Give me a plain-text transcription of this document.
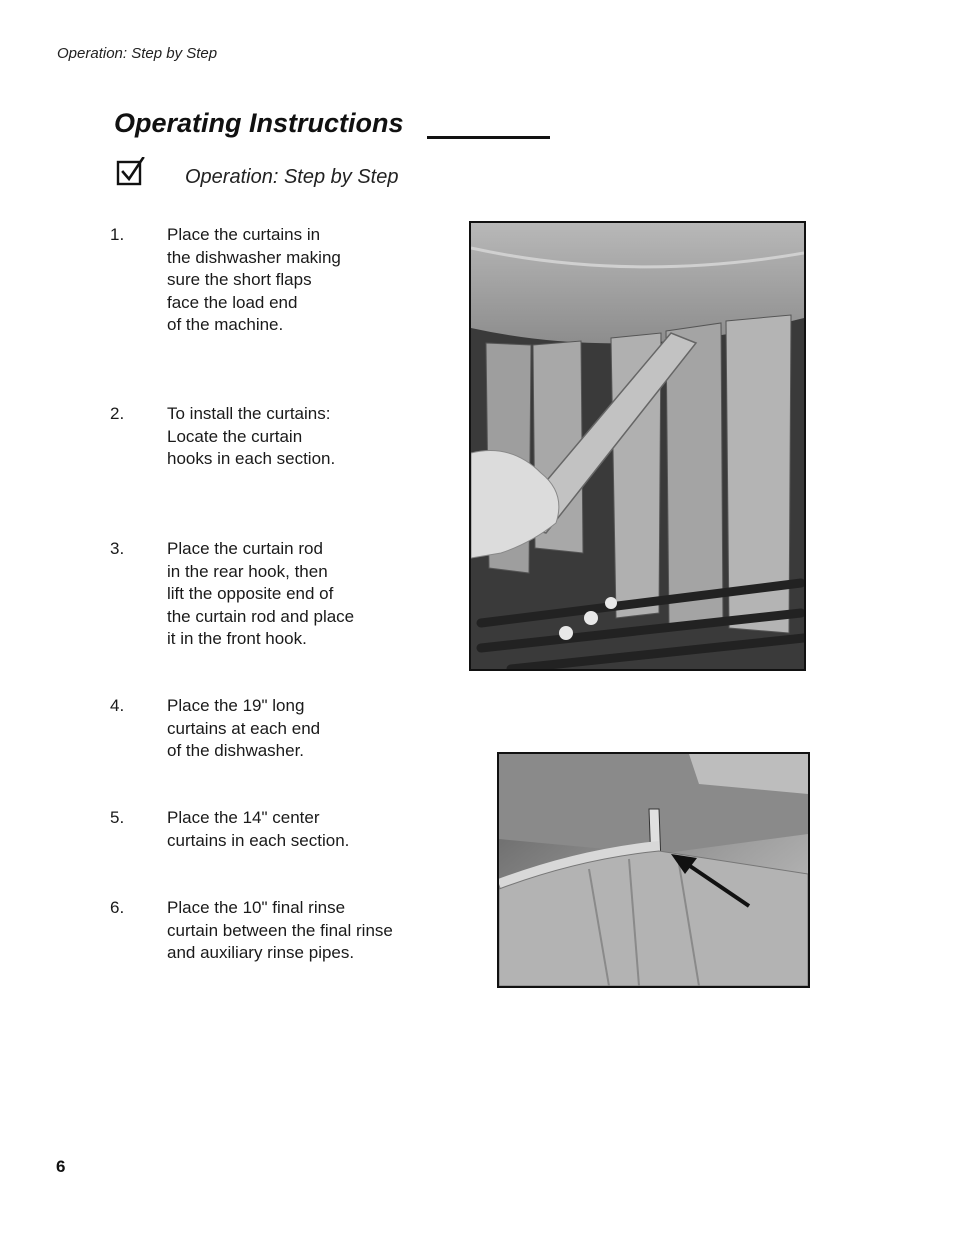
Operation: Step by Step
Operating Instructions
Operation: Step by Step
1.	Place the curtains in
the dishwasher making
sure the short flaps
face the load end
of the machine.
2.	To install the curtains:
Locate the curtain
hooks in each section.
3.	Place the curtain rod
in the rear hook, then
lift the opposite end of
the curtain rod and place
it in the front hook.
4.	Place the 19" long
curtains at each end
of the dishwasher.
5.	Place the 14" center
curtains in each section.
6.	Place the 10" final rinse
curtain between the final rinse
and auxiliary rinse pipes.
6
